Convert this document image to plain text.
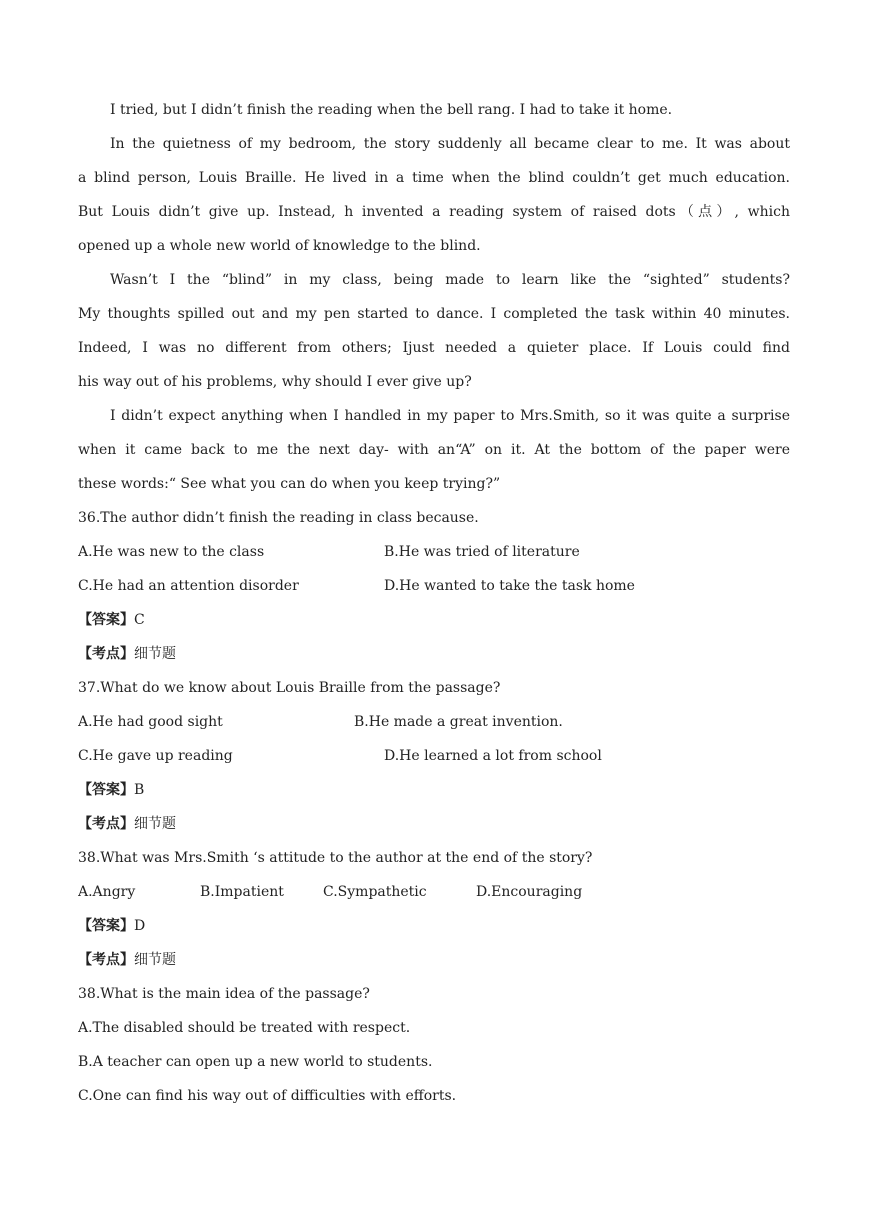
I tried, but I didn’t finish the reading when the bell rang. I had to take it home.
In the quietness of my bedroom, the story suddenly all became clear to me. It was about
a blind person, Louis Braille. He lived in a time when the blind couldn’t get much education.
But Louis didn’t give up. Instead, h invented a reading system of raised dots（点）, which
opened up a whole new world of knowledge to the blind.
Wasn’t I the “blind” in my class, being made to learn like the “sighted” students?
My thoughts spilled out and my pen started to dance. I completed the task within 40 minutes.
Indeed, I was no different from others; Ijust needed a quieter place. If Louis could find
his way out of his problems, why should I ever give up?
I didn’t expect anything when I handled in my paper to Mrs.Smith, so it was quite a surprise
when it came back to me the next day- with an“A” on it. At the bottom of the paper were
these words:“ See what you can do when you keep trying?”
36.The author didn’t finish the reading in class because.
A.He was new to the class	B.He was tried of literature
C.He had an attention disorder	D.He wanted to take the task home
【答案】C
【考点】细节题
37.What do we know about Louis Braille from the passage?
A.He had good sight	B.He made a great invention.
C.He gave up reading	D.He learned a lot from school
【答案】B
【考点】细节题
38.What was Mrs.Smith ‘s attitude to the author at the end of the story?
A.Angry	B.Impatient	C.Sympathetic	D.Encouraging
【答案】D
【考点】细节题
38.What is the main idea of the passage?
A.The disabled should be treated with respect.
B.A teacher can open up a new world to students.
C.One can find his way out of difficulties with efforts.
